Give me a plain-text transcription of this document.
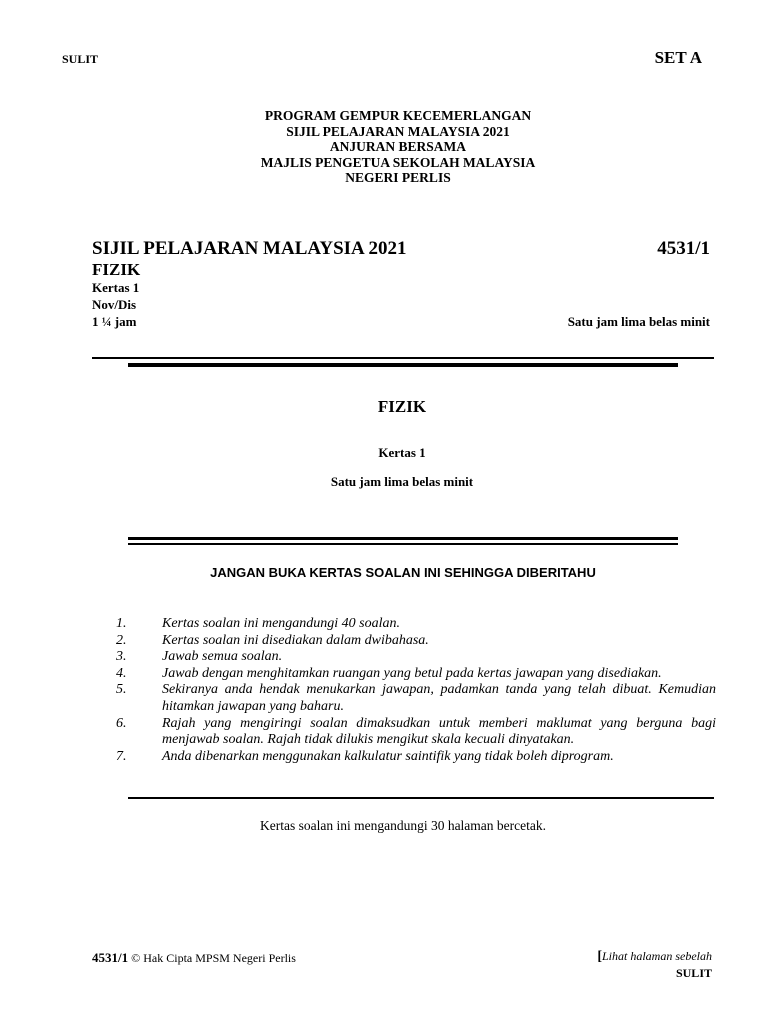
SULIT	SET A
PROGRAM GEMPUR KECEMERLANGAN
SIJIL PELAJARAN MALAYSIA 2021
ANJURAN BERSAMA
MAJLIS PENGETUA SEKOLAH MALAYSIA
NEGERI PERLIS
SIJIL PELAJARAN MALAYSIA 2021	4531/1
FIZIK
Kertas 1
Nov/Dis
1 ¼ jam	Satu jam lima belas minit
FIZIK
Kertas 1
Satu jam lima belas minit
JANGAN BUKA KERTAS SOALAN INI SEHINGGA DIBERITAHU
1.	Kertas soalan ini mengandungi 40 soalan.
2.	Kertas soalan ini disediakan dalam dwibahasa.
3.	Jawab semua soalan.
4.	Jawab dengan menghitamkan ruangan yang betul pada kertas jawapan yang disediakan.
5.	Sekiranya anda hendak menukarkan jawapan, padamkan tanda yang telah dibuat. Kemudian hitamkan jawapan yang baharu.
6.	Rajah yang mengiringi soalan dimaksudkan untuk memberi maklumat yang berguna bagi menjawab soalan. Rajah tidak dilukis mengikut skala kecuali dinyatakan.
7.	Anda dibenarkan menggunakan kalkulatur saintifik yang tidak boleh diprogram.
Kertas soalan ini mengandungi 30 halaman bercetak.
4531/1 © Hak Cipta MPSM Negeri Perlis	[Lihat halaman sebelah
SULIT
